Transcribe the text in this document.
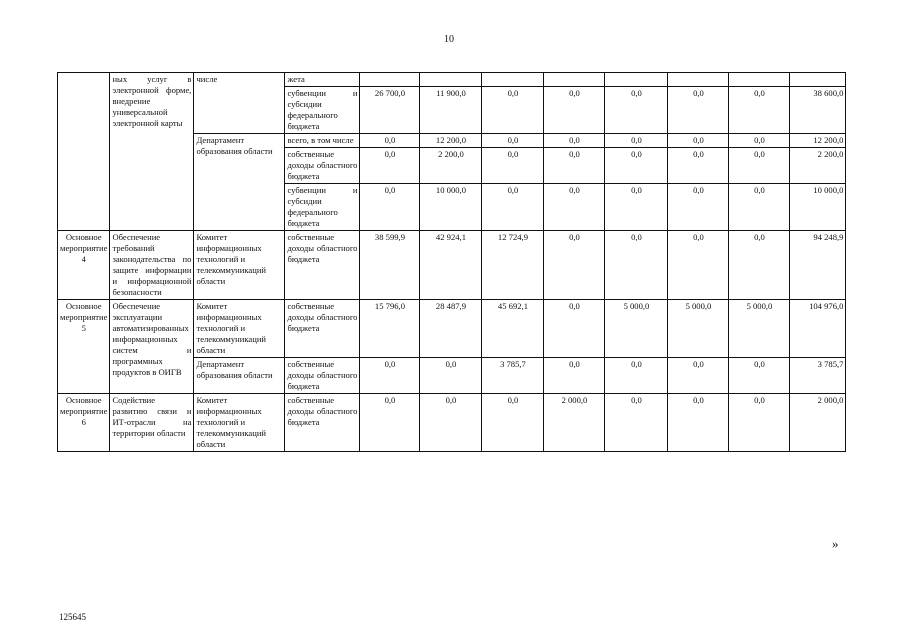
10
	ных услуг в электронной форме, внедрение универсальной электронной карты	числе	жета								
			субвенции и субсидии федерального бюджета	26 700,0	11 900,0	0,0	0,0	0,0	0,0	0,0	38 600,0
		Департамент образования области	всего, в том числе	0,0	12 200,0	0,0	0,0	0,0	0,0	0,0	12 200,0
			собственные доходы областного бюджета	0,0	2 200,0	0,0	0,0	0,0	0,0	0,0	2 200,0
			субвенции и субсидии федерального бюджета	0,0	10 000,0	0,0	0,0	0,0	0,0	0,0	10 000,0
Основное мероприятие 4	Обеспечение требований законодательства по защите информации и информационной безопасности	Комитет информационных технологий и телекоммуникаций области	собственные доходы областного бюджета	38 599,9	42 924,1	12 724,9	0,0	0,0	0,0	0,0	94 248,9
Основное мероприятие 5	Обеспечение эксплуатации автоматизированных информационных систем и программных продуктов в ОИГВ	Комитет информационных технологий и телекоммуникаций области	собственные доходы областного бюджета	15 796,0	28 487,9	45 692,1	0,0	5 000,0	5 000,0	5 000,0	104 976,0
		Департамент образования области	собственные доходы областного бюджета	0,0	0,0	3 785,7	0,0	0,0	0,0	0,0	3 785,7
Основное мероприятие 6	Содействие развитию связи и ИТ-отрасли на территории области	Комитет информационных технологий и телекоммуникаций области	собственные доходы областного бюджета	0,0	0,0	0,0	2 000,0	0,0	0,0	0,0	2 000,0
»
125645
